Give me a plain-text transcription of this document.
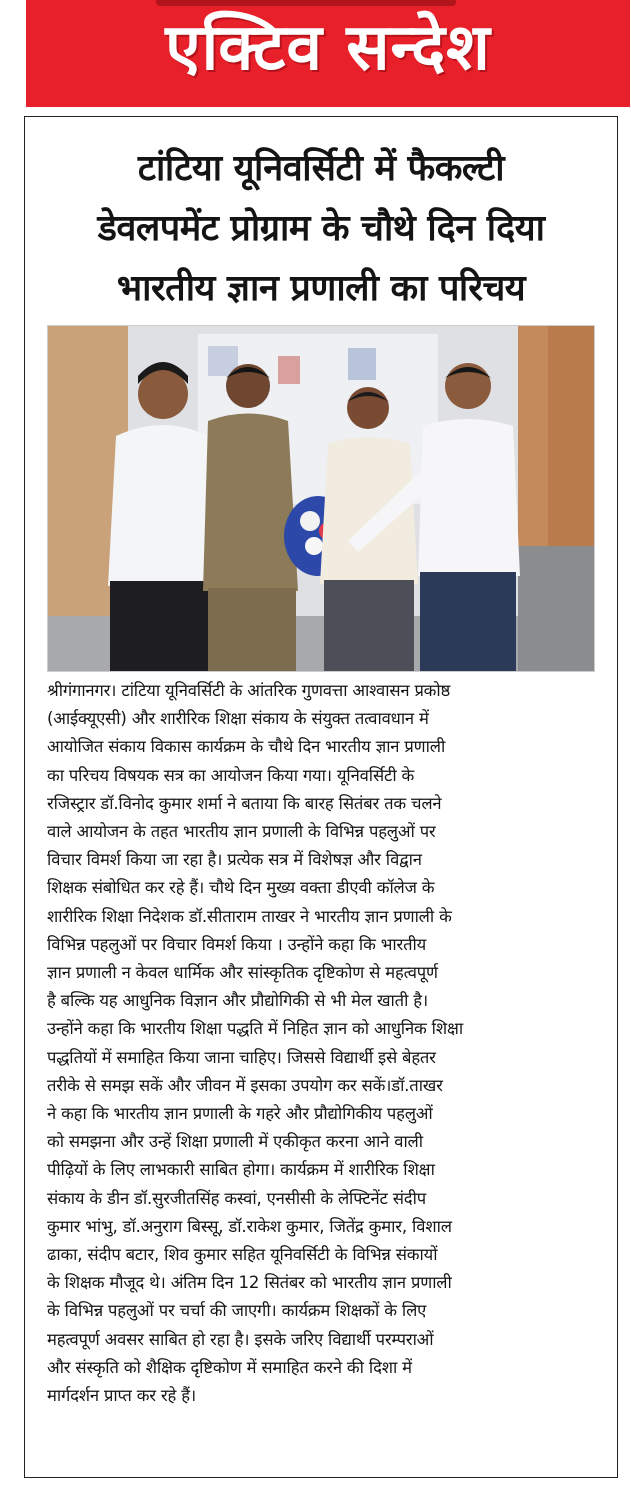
एक्टिव सन्देश
टांटिया यूनिवर्सिटी में फैकल्टी
डेवलपमेंट प्रोग्राम के चौथे दिन दिया
भारतीय ज्ञान प्रणाली का परिचय
श्रीगंगानगर। टांटिया यूनिवर्सिटी के आंतरिक गुणवत्ता आश्वासन प्रकोष्ठ
(आईक्यूएसी) और शारीरिक शिक्षा संकाय के संयुक्त तत्वावधान में
आयोजित संकाय विकास कार्यक्रम के चौथे दिन भारतीय ज्ञान प्रणाली
का परिचय विषयक सत्र का आयोजन किया गया। यूनिवर्सिटी के
रजिस्ट्रार डॉ.विनोद कुमार शर्मा ने बताया कि बारह सितंबर तक चलने
वाले आयोजन के तहत भारतीय ज्ञान प्रणाली के विभिन्न पहलुओं पर
विचार विमर्श किया जा रहा है। प्रत्येक सत्र में विशेषज्ञ और विद्वान
शिक्षक संबोधित कर रहे हैं। चौथे दिन मुख्य वक्ता डीएवी कॉलेज के
शारीरिक शिक्षा निदेशक डॉ.सीताराम ताखर ने भारतीय ज्ञान प्रणाली के
विभिन्न पहलुओं पर विचार विमर्श किया । उन्होंने कहा कि भारतीय
ज्ञान प्रणाली न केवल धार्मिक और सांस्कृतिक दृष्टिकोण से महत्वपूर्ण
है बल्कि यह आधुनिक विज्ञान और प्रौद्योगिकी से भी मेल खाती है।
उन्होंने कहा कि भारतीय शिक्षा पद्धति में निहित ज्ञान को आधुनिक शिक्षा
पद्धतियों में समाहित किया जाना चाहिए। जिससे विद्यार्थी इसे बेहतर
तरीके से समझ सकें और जीवन में इसका उपयोग कर सकें।डॉ.ताखर
ने कहा कि भारतीय ज्ञान प्रणाली के गहरे और प्रौद्योगिकीय पहलुओं
को समझना और उन्हें शिक्षा प्रणाली में एकीकृत करना आने वाली
पीढ़ियों के लिए लाभकारी साबित होगा। कार्यक्रम में शारीरिक शिक्षा
संकाय के डीन डॉ.सुरजीतसिंह कस्वां, एनसीसी के लेफ्टिनेंट संदीप
कुमार भांभु, डॉ.अनुराग बिस्सू, डॉ.राकेश कुमार, जितेंद्र कुमार, विशाल
ढाका, संदीप बटार, शिव कुमार सहित यूनिवर्सिटी के विभिन्न संकायों
के शिक्षक मौजूद थे। अंतिम दिन 12 सितंबर को भारतीय ज्ञान प्रणाली
के विभिन्न पहलुओं पर चर्चा की जाएगी। कार्यक्रम शिक्षकों के लिए
महत्वपूर्ण अवसर साबित हो रहा है। इसके जरिए विद्यार्थी परम्पराओं
और संस्कृति को शैक्षिक दृष्टिकोण में समाहित करने की दिशा में
मार्गदर्शन प्राप्त कर रहे हैं।
